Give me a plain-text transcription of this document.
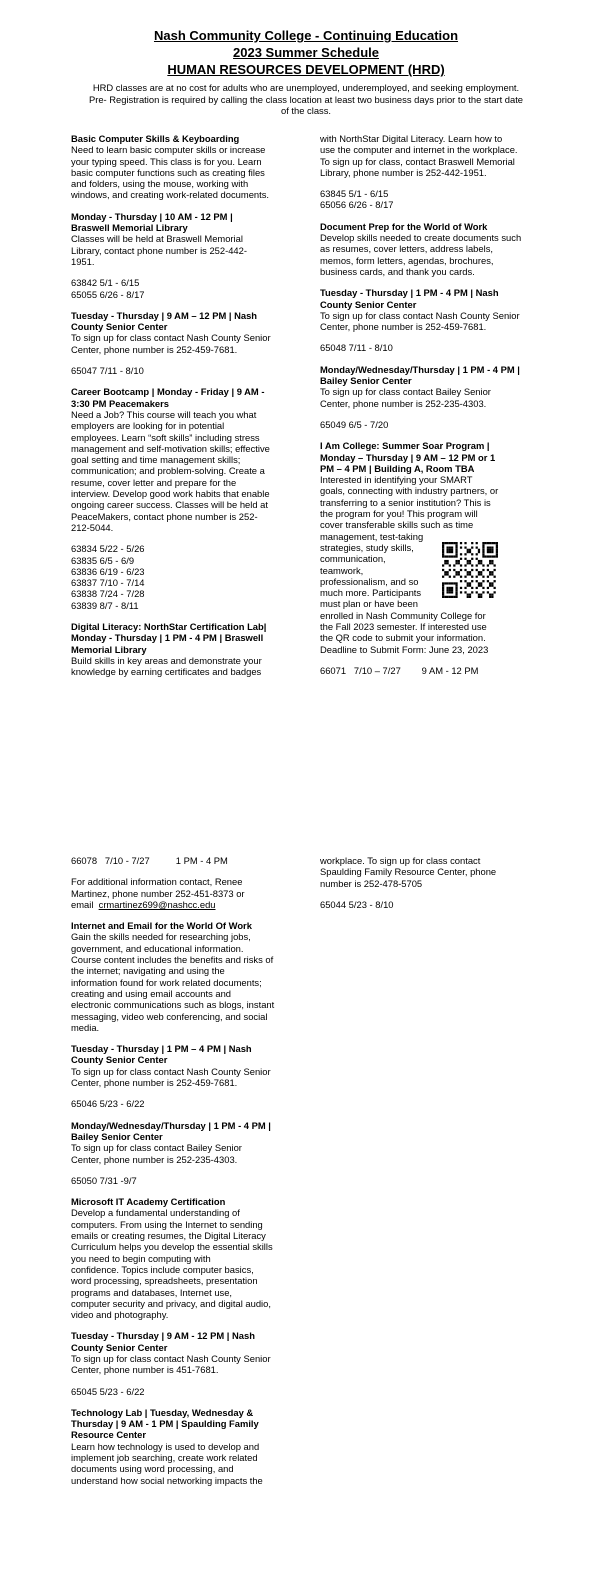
Nash Community College - Continuing Education
2023 Summer Schedule
HUMAN RESOURCES DEVELOPMENT (HRD)
HRD classes are at no cost for adults who are unemployed, underemployed, and seeking employment.
Pre- Registration is required by calling the class location at least two business days prior to the start date
of the class.

Basic Computer Skills & Keyboarding

Need to learn basic computer skills or increase

your typing speed. This class is for you. Learn

basic computer functions such as creating files

and folders, using the mouse, working with

windows, and creating work-related documents.

Monday - Thursday | 10 AM - 12 PM |

Braswell Memorial Library

Classes will be held at Braswell Memorial

Library, contact phone number is 252-442-

1951.

63842 5/1 - 6/15

65055 6/26 - 8/17

Tuesday - Thursday | 9 AM – 12 PM | Nash

County Senior Center

To sign up for class contact Nash County Senior

Center, phone number is 252-459-7681.

65047 7/11 - 8/10

Career Bootcamp | Monday - Friday | 9 AM -

3:30 PM Peacemakers

Need a Job? This course will teach you what

employers are looking for in potential

employees. Learn “soft skills” including stress

management and self-motivation skills; effective

goal setting and time management skills;

communication; and problem-solving. Create a

resume, cover letter and prepare for the

interview. Develop good work habits that enable

ongoing career success. Classes will be held at

PeaceMakers, contact phone number is 252-

212-5044.

63834 5/22 - 5/26

63835 6/5 - 6/9

63836 6/19 - 6/23

63837 7/10 - 7/14

63838 7/24 - 7/28

63839 8/7 - 8/11

Digital Literacy: NorthStar Certification Lab|

Monday - Thursday | 1 PM - 4 PM | Braswell

Memorial Library

Build skills in key areas and demonstrate your

knowledge by earning certificates and badges

with NorthStar Digital Literacy. Learn how to

use the computer and internet in the workplace.

To sign up for class, contact Braswell Memorial

Library, phone number is 252-442-1951.

63845 5/1 - 6/15

65056 6/26 - 8/17

Document Prep for the World of Work

Develop skills needed to create documents such

as resumes, cover letters, address labels,

memos, form letters, agendas, brochures,

business cards, and thank you cards.

Tuesday - Thursday | 1 PM - 4 PM | Nash

County Senior Center

To sign up for class contact Nash County Senior

Center, phone number is 252-459-7681.

65048 7/11 - 8/10

Monday/Wednesday/Thursday | 1 PM - 4 PM |

Bailey Senior Center

To sign up for class contact Bailey Senior

Center, phone number is 252-235-4303.

65049 6/5 - 7/20

I Am College: Summer Soar Program |

Monday – Thursday | 9 AM – 12 PM or 1

PM – 4 PM | Building A, Room TBA

Interested in identifying your SMART

goals, connecting with industry partners, or

transferring to a senior institution? This is

the program for you! This program will

cover transferable skills such as time

management, test-taking

strategies, study skills,

communication,

teamwork,

professionalism, and so

much more. Participants

must plan or have been

enrolled in Nash Community College for

the Fall 2023 semester. If interested use

the QR code to submit your information.

Deadline to Submit Form: June 23, 2023

66071   7/10 – 7/27        9 AM - 12 PM

66078   7/10 - 7/27          1 PM - 4 PM

For additional information contact, Renee

Martinez, phone number 252-451-8373 or

email  crmartinez699@nashcc.edu

Internet and Email for the World Of Work

Gain the skills needed for researching jobs,

government, and educational information.

Course content includes the benefits and risks of

the internet; navigating and using the

information found for work related documents;

creating and using email accounts and

electronic communications such as blogs, instant

messaging, video web conferencing, and social

media.

Tuesday - Thursday | 1 PM – 4 PM | Nash

County Senior Center

To sign up for class contact Nash County Senior

Center, phone number is 252-459-7681.

65046 5/23 - 6/22

Monday/Wednesday/Thursday | 1 PM - 4 PM |

Bailey Senior Center

To sign up for class contact Bailey Senior

Center, phone number is 252-235-4303.

65050 7/31 -9/7

Microsoft IT Academy Certification

Develop a fundamental understanding of

computers. From using the Internet to sending

emails or creating resumes, the Digital Literacy

Curriculum helps you develop the essential skills

you need to begin computing with

confidence. Topics include computer basics,

word processing, spreadsheets, presentation

programs and databases, Internet use,

computer security and privacy, and digital audio,

video and photography.

Tuesday - Thursday | 9 AM - 12 PM | Nash

County Senior Center

To sign up for class contact Nash County Senior

Center, phone number is 451-7681.

65045 5/23 - 6/22

Technology Lab | Tuesday, Wednesday &

Thursday | 9 AM - 1 PM | Spaulding Family

Resource Center

Learn how technology is used to develop and

implement job searching, create work related

documents using word processing, and

understand how social networking impacts the

workplace. To sign up for class contact

Spaulding Family Resource Center, phone

number is 252-478-5705

65044 5/23 - 8/10
